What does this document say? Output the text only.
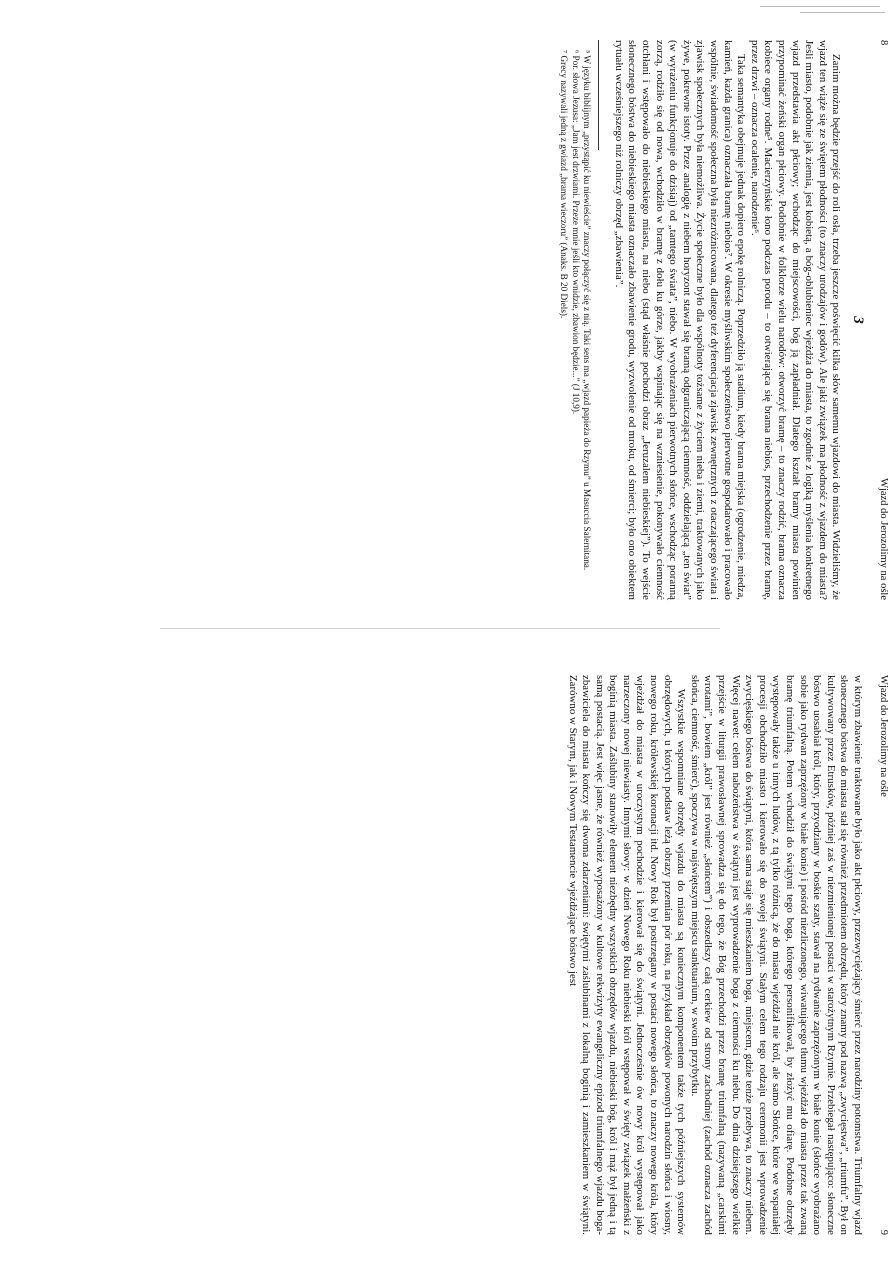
8
Wjazd do Jerozolimy na ośle
3

Zanim można będzie przejść do roli osła, trzeba jeszcze poświęcić kilka słów samemu wjazdowi do miasta. Widzieliśmy, że wjazd ten wiąże się ze świętem płodności (to znaczy urodzajów i godów). Ale jaki związek ma płodność z wjazdem do miasta? Jeśli miasto, podobnie jak ziemia, jest kobietą, a bóg-oblubieniec wjeżdża do miasta, to zgodnie z logiką myślenia konkretnego wjazd przedstawia akt płciowy; wchodząc do miejscowości, bóg ją zapładniał. Dlatego kształt bramy miasta powinien przypominać żeński organ płciowy. Podobnie w folklorze wielu narodów: otworzyć bramę – to znaczy rodzić, brama oznacza kobiece organy rodne⁵. Macierzyńskie łono podczas porodu – to otwierająca się brama niebios, przechodzenie przez bramę, przez drzwi – oznacza ocalenie, narodzenie⁶.

Taka semantyka obejmuje jednak dopiero epokę rolniczą. Poprzedziło ją stadium, kiedy brama miejska (ogrodzenie, miedza, kamień, każda granica) oznaczała bramę niebios⁷. W okresie myśliwskim społeczeństwo pierwotne gospodarowało i pracowało wspólnie, świadomość społeczna była niezróżnicowana, dlatego też dyferencjacja zjawisk zewnętrznych z otaczającego świata i zjawisk społecznych była niemożliwa. Życie społeczne było dla wspólnoty tożsame z życiem nieba i ziemi, traktowanych jako żywe, pokrewne istoty. Przez analogię z niebem horyzont stawał się bramą odgraniczającą ciemność, oddzielającą „ten świat” (w wyrażeniu funkcjonuje do dzisiaj) od „tamtego świata”, niebo. W wyobrażeniach pierwotnych słońce, wschodząc poranną zorzą, rodziło się od nowa, wchodziło w bramę z dołu ku górze, jakby wspinając się na wzniesienie, pokonywało ciemność otchłani i wstępowało do niebieskiego miasta, na niebo (stąd właśnie pochodzi obraz „Jeruzalem niebieskiej”). To wejście słonecznego bóstwa do niebieskiego miasta oznaczało zbawienie grodu, wyzwolenie od mroku, od śmierci; było ono obiektem rytuału wcześniejszego niż rolniczy obrzęd „zbawienia”.

⁵ W języku biblijnym „przystąpić ku niewieście” znaczy połączyć się z nią. Taki sens ma „wjazd papieża do Rzymu” u Masuccia Salernitana.

⁶ Por. słowa Jezusa: „Jam jest drzwiami. Przeze mnie jeśli kto wnidzie, zbawion będzie...” (J 10,9).

⁷ Grecy nazywali jedną z gwiazd „brama wieczoru” (Anaks. B 20 Diels).

Wjazd do Jerozolimy na ośle
9

w którym zbawienie traktowane było jako akt płciowy, przezwyciężający śmierć przez narodziny potomstwa. Triumfalny wjazd słonecznego bóstwa do miasta stał się również przedmiotem obrzędu, który znamy pod nazwą „zwycięstwa”, „triumfu”. Był on kultywowany przez Etrusków, później zaś w niezmienionej postaci w starożytnym Rzymie. Przebiegał następująco: słoneczne bóstwo uosabiał król, który, przyodziany w boskie szaty, stawał na rydwanie zaprzężonym w białe konie (słońce wyobrażano sobie jako rydwan zaprzężony w białe konie) i pośród niezliczonego, wiwatującego tłumu wjeżdżał do miasta przez tak zwaną bramę triumfalną. Potem wchodził do świątyni tego boga, którego personifikował, by złożyć mu ofiarę. Podobne obrzędy występowały także u innych ludów, z tą tylko różnicą, że do miasta wjeżdżał nie król, ale samo Słońce, które we wspaniałej procesji obchodziło miasto i kierowało się do swojej świątyni. Stałym celem tego rodzaju ceremonii jest wprowadzenie zwycięskiego bóstwa do świątyni, która sama staje się mieszkaniem boga, miejscem, gdzie tenże przebywa, to znaczy niebem. Więcej nawet: celem nabożeństwa w świątyni jest wyprowadzenie boga z ciemności ku niebu. Do dnia dzisiejszego wielkie przejście w liturgii prawosławnej sprowadza się do tego, że Bóg przechodzi przez bramę triumfalną (nazywaną „carskimi wrotami”, bowiem „król” jest również „słońcem”) i obszedłszy całą cerkiew od strony zachodniej (zachód oznacza zachód słońca, ciemność, śmierć), spoczywa w najświętszym miejscu sanktuarium, w swoim przybytku.

Wszystkie wspomniane obrzędy wjazdu do miasta są koniecznym komponentem także tych późniejszych systemów obrzędowych, u których podstaw leżą obrazy przemian pór roku, na przykład obrzędów powonych narodzin słońca i wiosny, nowego roku, królewskiej koronacji itd. Nowy Rok był postrzegany w postaci nowego słońca, to znaczy nowego króla, który wjeżdżał do miasta w uroczystym pochodzie i kierował się do świątyni. Jednocześnie ów nowy król występował jako narzeczony nowej niewiasty. Innymi słowy: w dzień Nowego Roku niebieski król wstępował w święty związek małżeński z boginią miasta. Zaślubiny stanowiły element niezbędny wszystkich obrzędów wjazdu, niebieski bóg, król i mąż był jedną i tą samą postacią. Jest więc jasne, że również wyposażony w kultowe rekwizyty ewangeliczny epizod triumfalnego wjazdu boga-zbawiciela do miasta kończy się dwoma zdarzeniami: świętymi zaślubinami z lokalną boginią i zamieszkaniem w świątyni. Zarówno w Starym, jak i Nowym Testamencie wjeżdżające bóstwo jest
